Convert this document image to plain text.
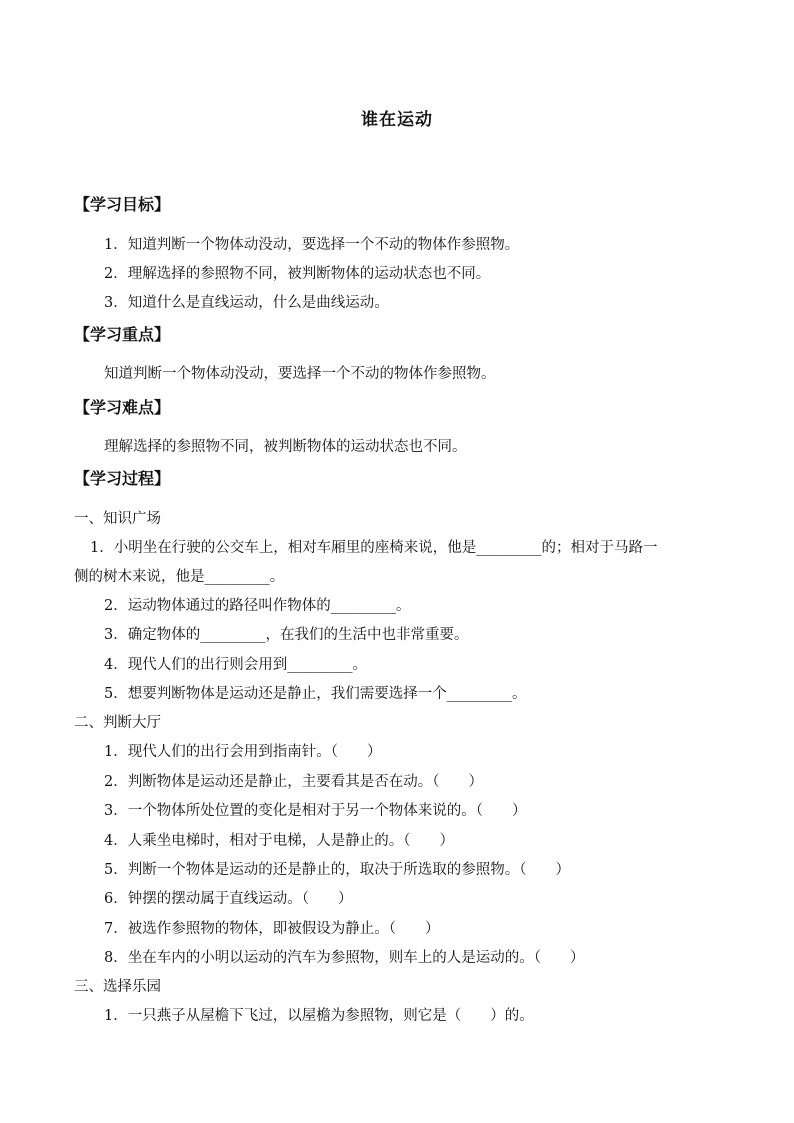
谁在运动
【学习目标】
1．知道判断一个物体动没动，要选择一个不动的物体作参照物。
2．理解选择的参照物不同，被判断物体的运动状态也不同。
3．知道什么是直线运动，什么是曲线运动。
【学习重点】
知道判断一个物体动没动，要选择一个不动的物体作参照物。
【学习难点】
理解选择的参照物不同，被判断物体的运动状态也不同。
【学习过程】
一、知识广场
1．小明坐在行驶的公交车上，相对车厢里的座椅来说，他是_________的；相对于马路一
侧的树木来说，他是_________。
2．运动物体通过的路径叫作物体的_________。
3．确定物体的_________，在我们的生活中也非常重要。
4．现代人们的出行则会用到_________。
5．想要判断物体是运动还是静止，我们需要选择一个_________。
二、判断大厅
1．现代人们的出行会用到指南针。（　　）
2．判断物体是运动还是静止，主要看其是否在动。（　　）
3．一个物体所处位置的变化是相对于另一个物体来说的。（　　）
4．人乘坐电梯时，相对于电梯，人是静止的。（　　）
5．判断一个物体是运动的还是静止的，取决于所选取的参照物。（　　）
6．钟摆的摆动属于直线运动。（　　）
7．被选作参照物的物体，即被假设为静止。（　　）
8．坐在车内的小明以运动的汽车为参照物，则车上的人是运动的。（　　）
三、选择乐园
1．一只燕子从屋檐下飞过，以屋檐为参照物，则它是（　　）的。
